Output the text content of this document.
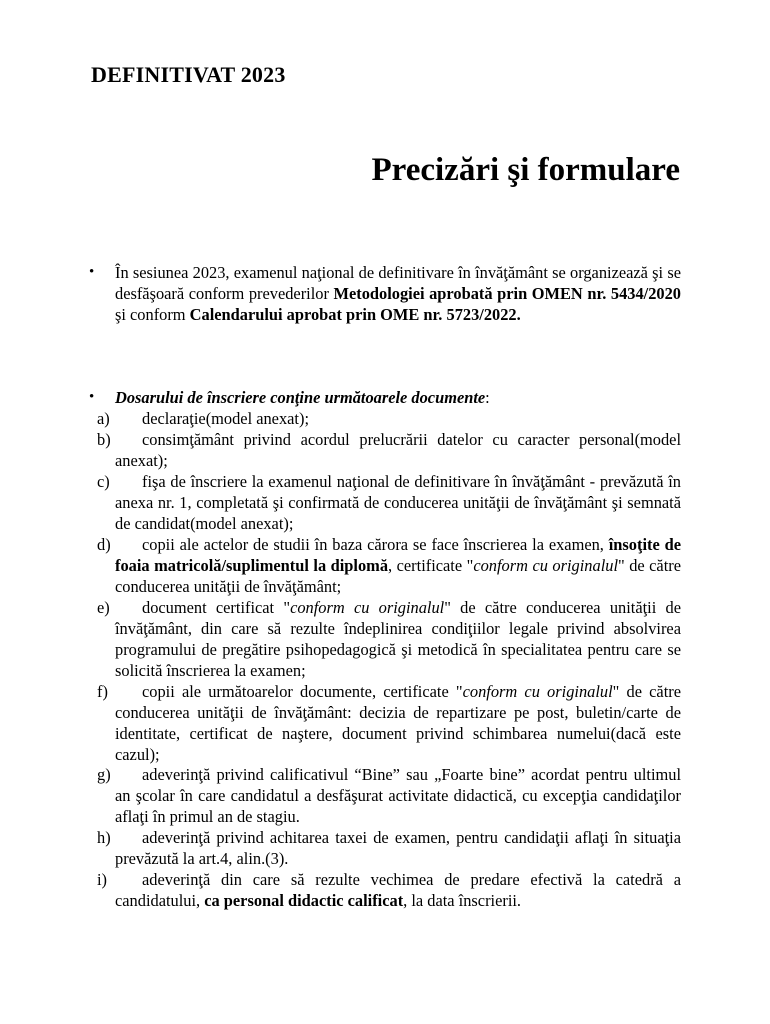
DEFINITIVAT 2023
Precizări şi formulare
• În sesiunea 2023, examenul naţional de definitivare în învăţământ se organizează şi se desfăşoară conform prevederilor Metodologiei aprobată prin OMEN nr. 5434/2020 şi conform Calendarului aprobat prin OME nr. 5723/2022.
• Dosarului de înscriere conţine următoarele documente:
a)	declaraţie(model anexat);
b)	consimţământ privind acordul prelucrării datelor cu caracter personal(model anexat);
c)	fişa de înscriere la examenul naţional de definitivare în învăţământ - prevăzută în anexa nr. 1, completată şi confirmată de conducerea unităţii de învăţământ şi semnată de candidat(model anexat);
d)	copii ale actelor de studii în baza cărora se face înscrierea la examen, însoţite de foaia matricolă/suplimentul la diplomă, certificate "conform cu originalul" de către conducerea unităţii de învăţământ;
e)	document certificat "conform cu originalul" de către conducerea unităţii de învăţământ, din care să rezulte îndeplinirea condiţiilor legale privind absolvirea programului de pregătire psihopedagogică şi metodică în specialitatea pentru care se solicită înscrierea la examen;
f)	copii ale următoarelor documente, certificate "conform cu originalul" de către conducerea unităţii de învăţământ: decizia de repartizare pe post, buletin/carte de identitate, certificat de naştere, document privind schimbarea numelui(dacă este cazul);
g)	adeverinţă privind calificativul “Bine” sau „Foarte bine” acordat pentru ultimul an şcolar în care candidatul a desfăşurat activitate didactică, cu excepţia candidaţilor aflaţi în primul an de stagiu.
h)	adeverinţă privind achitarea taxei de examen, pentru candidaţii aflaţi în situaţia prevăzută la art.4, alin.(3).
i)	adeverinţă din care să rezulte vechimea de predare efectivă la catedră a candidatului, ca personal didactic calificat, la data înscrierii.
